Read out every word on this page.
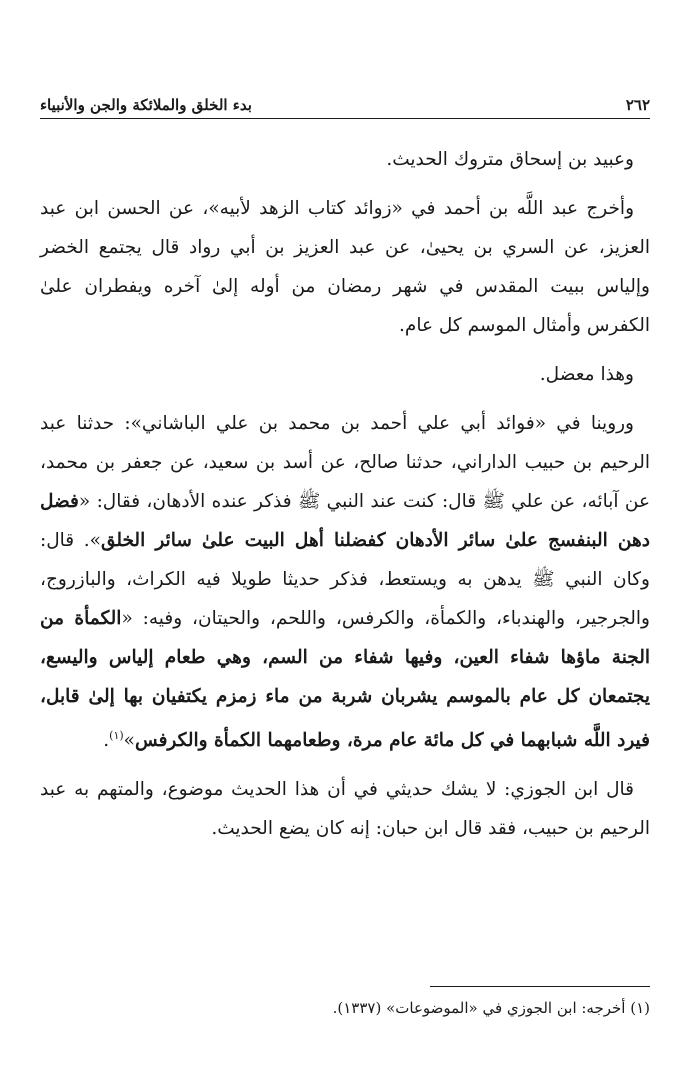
٢٦٢
بدء الخلق والملائكة والجن والأنبياء

وعبيد بن إسحاق متروك الحديث.

وأخرج عبد اللَّه بن أحمد في «زوائد كتاب الزهد لأبيه»، عن الحسن ابن عبد العزيز، عن السري بن يحيىٰ، عن عبد العزيز بن أبي رواد قال يجتمع الخضر وإلياس ببيت المقدس في شهر رمضان من أوله إلىٰ آخره ويفطران علىٰ الكفرس وأمثال الموسم كل عام.

وهذا معضل.

وروينا في «فوائد أبي علي أحمد بن محمد بن علي الباشاني»: حدثنا عبد الرحيم بن حبيب الداراني، حدثنا صالح، عن أسد بن سعيد، عن جعفر بن محمد، عن آبائه، عن علي ﷺ قال: كنت عند النبي ﷺ فذكر عنده الأدهان، فقال: «فضل دهن البنفسج علىٰ سائر الأدهان كفضلنا أهل البيت علىٰ سائر الخلق». قال: وكان النبي ﷺ يدهن به ويستعط، فذكر حديثا طويلا فيه الكراث، والبازروج، والجرجير، والهندباء، والكمأة، والكرفس، واللحم، والحيتان، وفيه: «الكمأة من الجنة ماؤها شفاء العين، وفيها شفاء من السم، وهي طعام إلياس واليسع، يجتمعان كل عام بالموسم يشربان شربة من ماء زمزم يكتفيان بها إلىٰ قابل، فيرد اللَّه شبابهما في كل مائة عام مرة، وطعامهما الكمأة والكرفس»$^{(١)}$.

قال ابن الجوزي: لا يشك حديثي في أن هذا الحديث موضوع، والمتهم به عبد الرحيم بن حبيب، فقد قال ابن حبان: إنه كان يضع الحديث.

(١) أخرجه: ابن الجوزي في «الموضوعات» (١٣٣٧).
